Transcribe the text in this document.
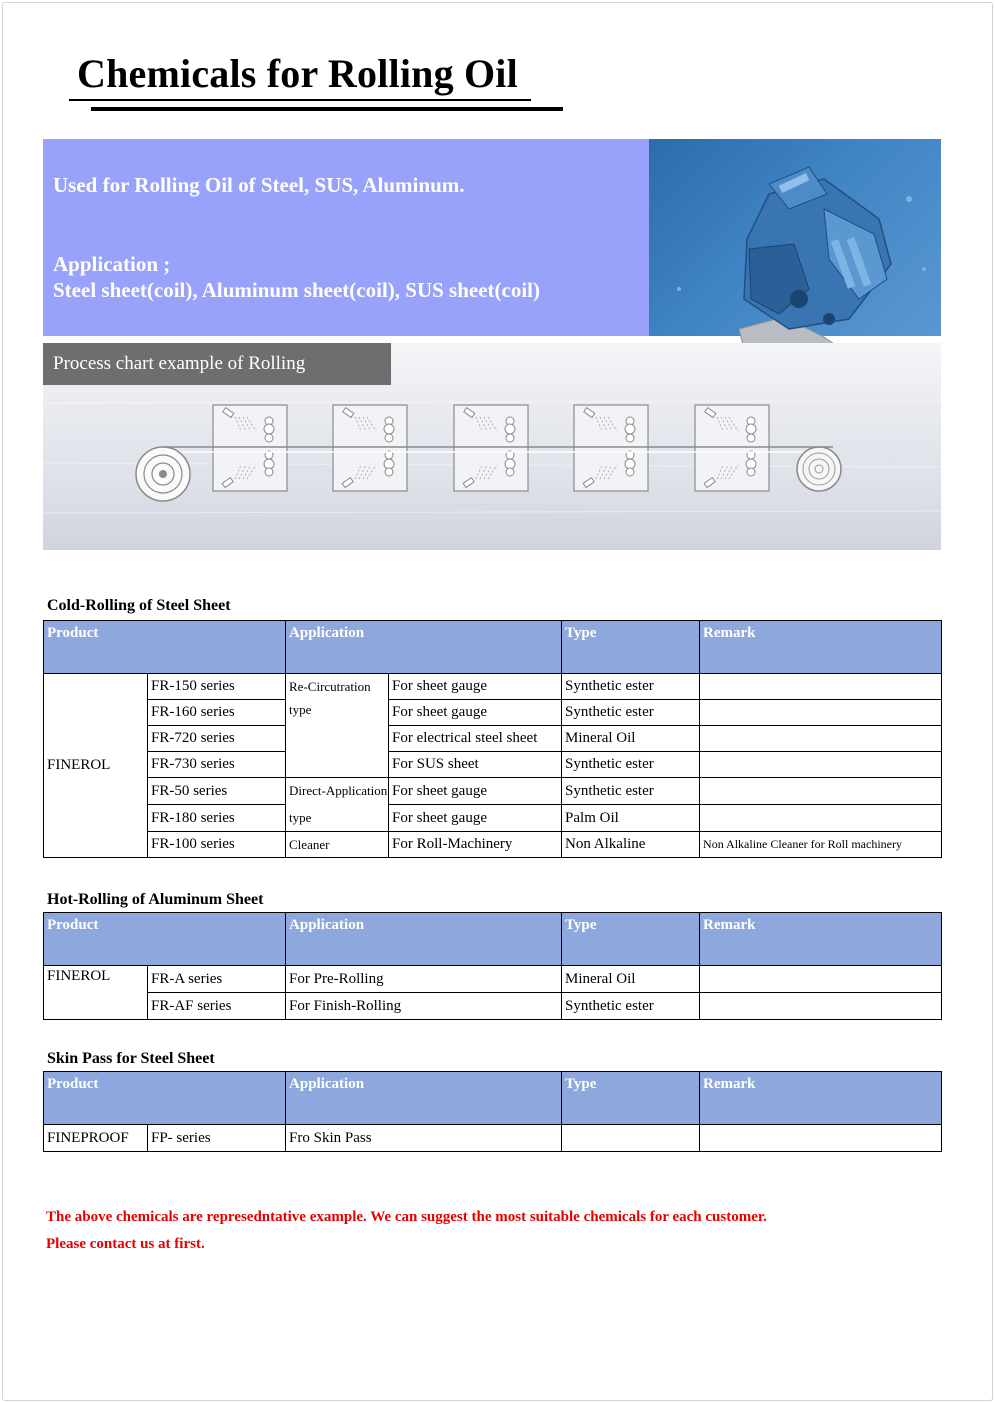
Chemicals for Rolling Oil
Used for Rolling Oil of Steel, SUS, Aluminum.
Application ;
Steel sheet(coil), Aluminum sheet(coil), SUS sheet(coil)
Process chart example of Rolling
Cold-Rolling of Steel Sheet
Product		Application		Type	Remark
FINEROL	FR-150 series	Re-Circutration	For sheet gauge	Synthetic ester	
	FR-160 series	type	For sheet gauge	Synthetic ester	
	FR-720 series		For electrical steel sheet	Mineral Oil	
	FR-730 series		For SUS sheet	Synthetic ester	
	FR-50 series	Direct-Application	For sheet gauge	Synthetic ester	
	FR-180 series	type	For sheet gauge	Palm Oil	
	FR-100 series	Cleaner	For Roll-Machinery	Non Alkaline	Non Alkaline Cleaner for Roll machinery
Hot-Rolling of Aluminum Sheet
Product		Application	Type	Remark
FINEROL	FR-A series	For Pre-Rolling	Mineral Oil	
	FR-AF series	For Finish-Rolling	Synthetic ester	
Skin Pass for Steel Sheet
Product		Application	Type	Remark
FINEPROOF	FP- series	Fro Skin Pass		
The above chemicals are represedntative example. We can suggest the most suitable chemicals for each customer.
Please contact us at first.
